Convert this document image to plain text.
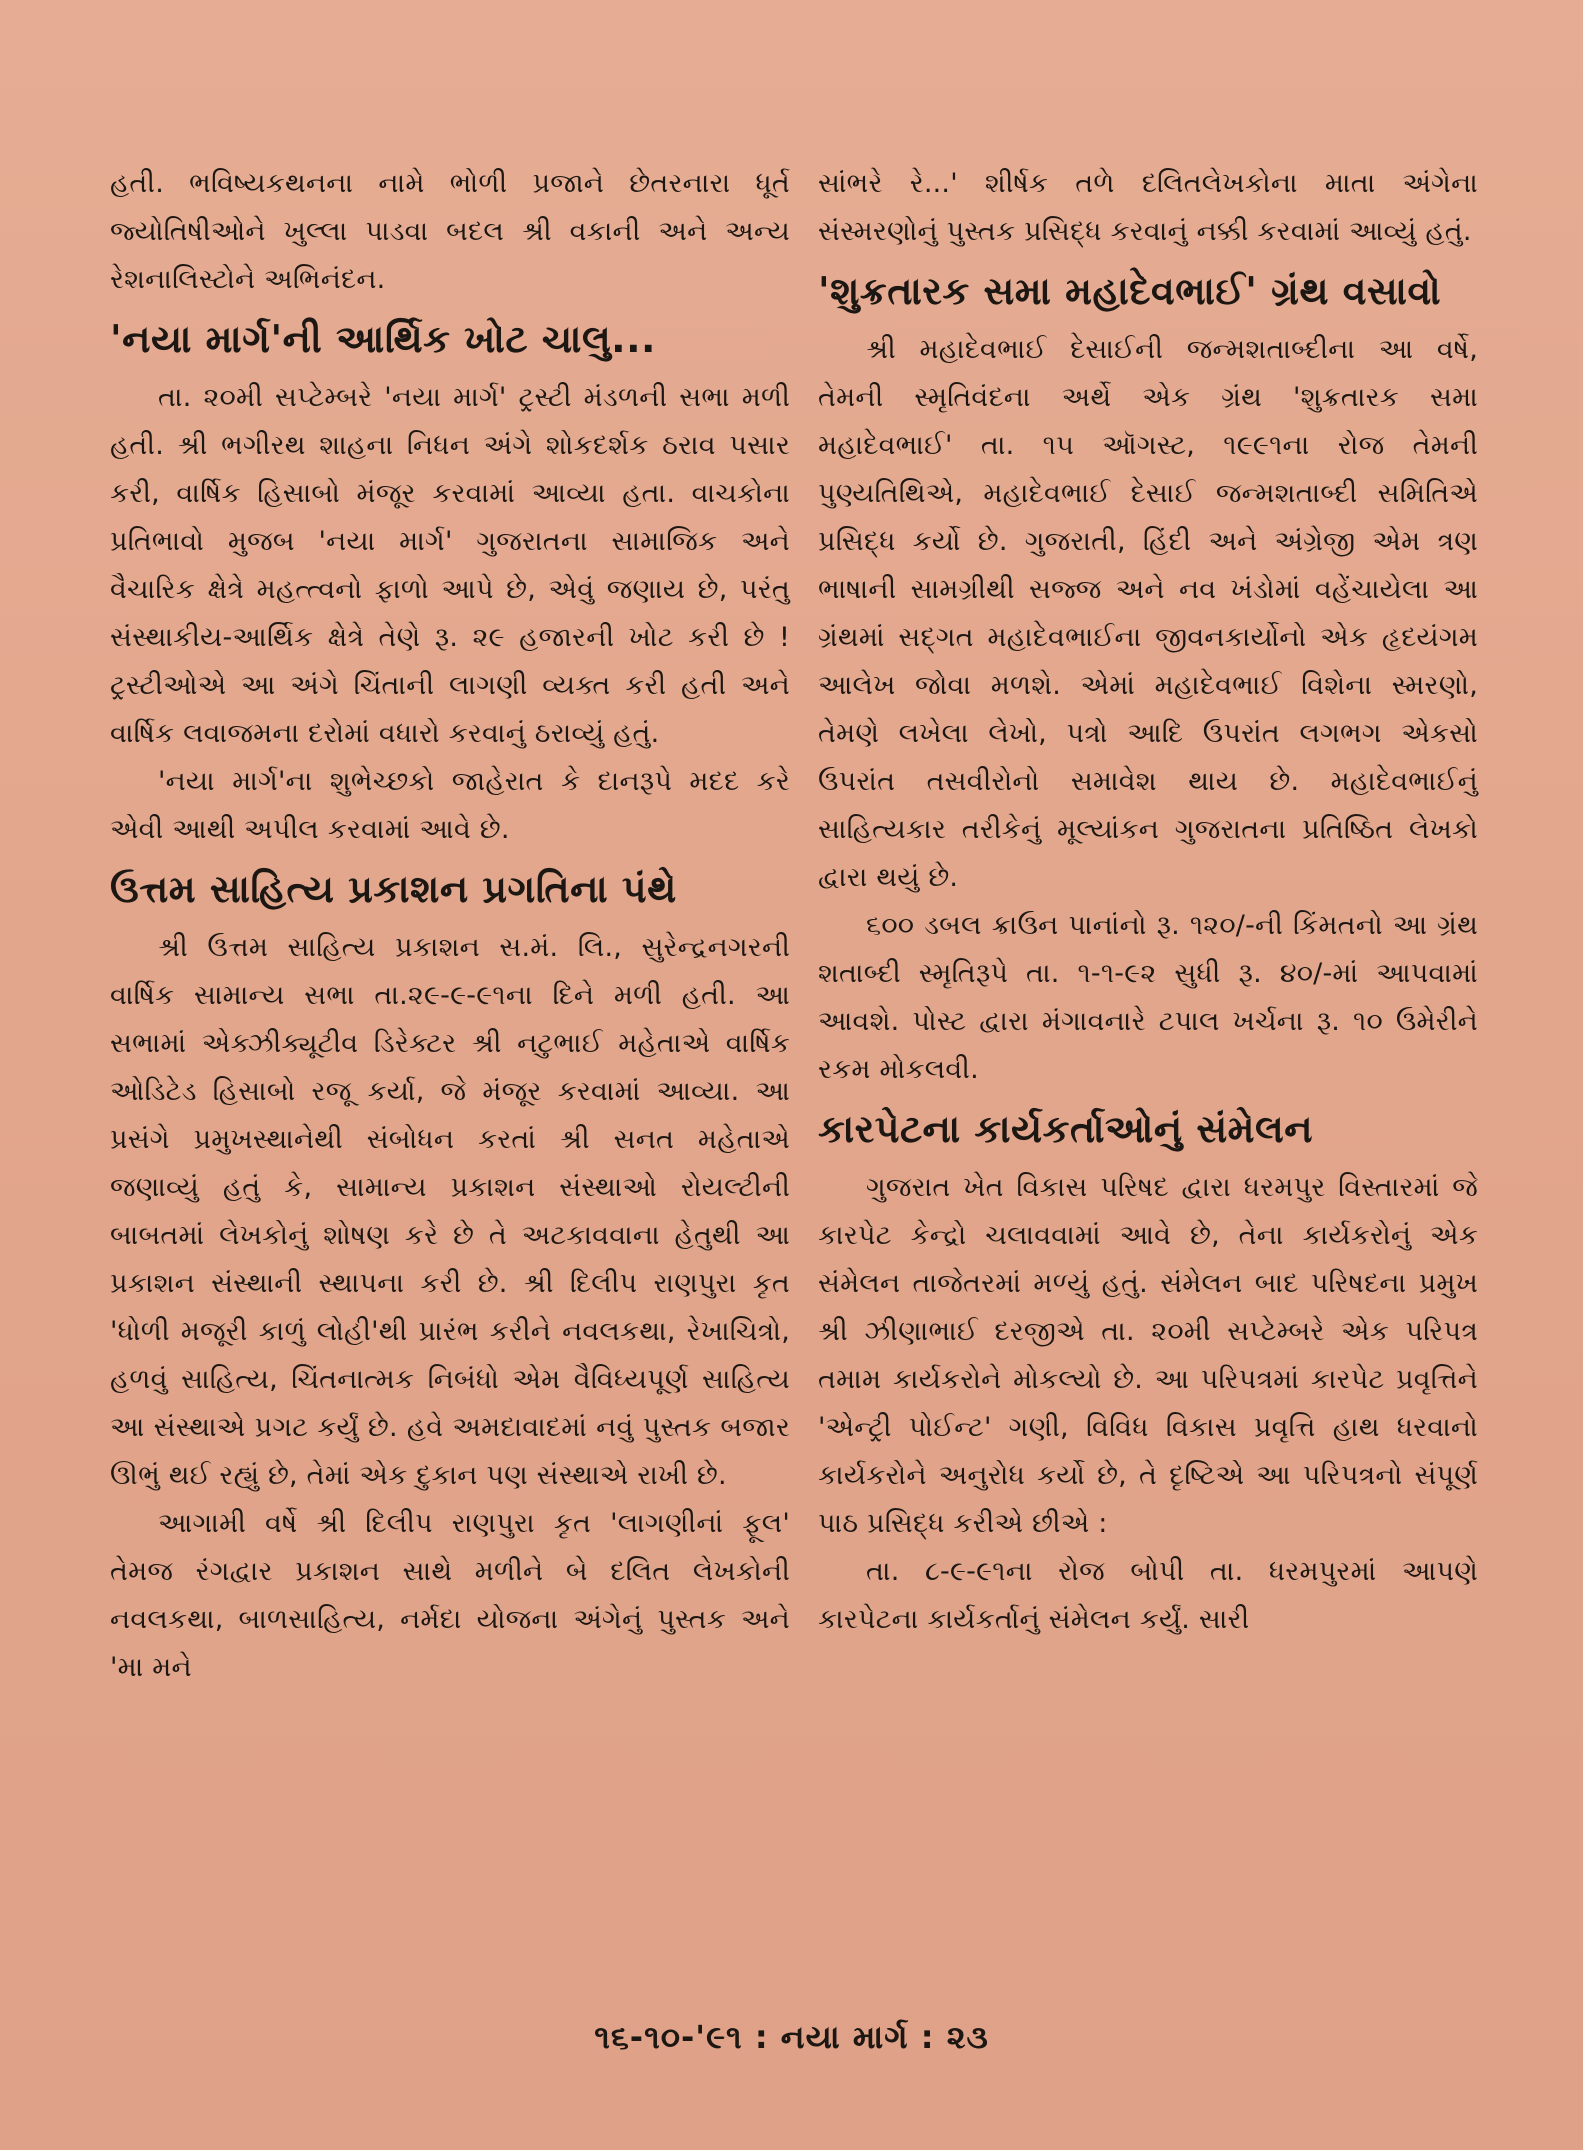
હતી. ભવિષ્યકથનના નામે ભોળી પ્રજાને છેતરનારા ધૂર્ત જ્યોતિષીઓને ખુલ્લા પાડવા બદલ શ્રી વકાની અને અન્ય રેશનાલિસ્ટોને અભિનંદન.

'નયા માર્ગ'ની આર્થિક ખોટ ચાલુ...

તા. ૨૦મી સપ્ટેમ્બરે 'નયા માર્ગ' ટ્રસ્ટી મંડળની સભા મળી હતી. શ્રી ભગીરથ શાહના નિધન અંગે શોકદર્શક ઠરાવ પસાર કરી, વાર્ષિક હિસાબો મંજૂર કરવામાં આવ્યા હતા. વાચકોના પ્રતિભાવો મુજબ 'નયા માર્ગ' ગુજરાતના સામાજિક અને વૈચારિક ક્ષેત્રે મહત્ત્વનો ફાળો આપે છે, એવું જણાય છે, પરંતુ સંસ્થાકીય-આર્થિક ક્ષેત્રે તેણે રૂ. ૨૯ હજારની ખોટ કરી છે ! ટ્રસ્ટીઓએ આ અંગે ચિંતાની લાગણી વ્યક્ત કરી હતી અને વાર્ષિક લવાજમના દરોમાં વધારો કરવાનું ઠરાવ્યું હતું.

'નયા માર્ગ'ના શુભેચ્છકો જાહેરાત કે દાનરૂપે મદદ કરે એવી આથી અપીલ કરવામાં આવે છે.

ઉત્તમ સાહિત્ય પ્રકાશન પ્રગતિના પંથે

શ્રી ઉત્તમ સાહિત્ય પ્રકાશન સ.મં. લિ., સુરેન્દ્રનગરની વાર્ષિક સામાન્ય સભા તા.૨૯-૯-૯૧ના દિને મળી હતી. આ સભામાં એક્ઝીક્યૂટીવ ડિરેક્ટર શ્રી નટુભાઈ મહેતાએ વાર્ષિક ઓડિટેડ હિસાબો રજૂ કર્યા, જે મંજૂર કરવામાં આવ્યા. આ પ્રસંગે પ્રમુખસ્થાનેથી સંબોધન કરતાં શ્રી સનત મહેતાએ જણાવ્યું હતું કે, સામાન્ય પ્રકાશન સંસ્થાઓ રોયલ્ટીની બાબતમાં લેખકોનું શોષણ કરે છે તે અટકાવવાના હેતુથી આ પ્રકાશન સંસ્થાની સ્થાપના કરી છે. શ્રી દિલીપ રાણપુરા કૃત 'ધોળી મજૂરી કાળું લોહી'થી પ્રારંભ કરીને નવલકથા, રેખાચિત્રો, હળવું સાહિત્ય, ચિંતનાત્મક નિબંધો એમ વૈવિધ્યપૂર્ણ સાહિત્ય આ સંસ્થાએ પ્રગટ કર્યું છે. હવે અમદાવાદમાં નવું પુસ્તક બજાર ઊભું થઈ રહ્યું છે, તેમાં એક દુકાન પણ સંસ્થાએ રાખી છે.

આગામી વર્ષે શ્રી દિલીપ રાણપુરા કૃત 'લાગણીનાં ફૂલ' તેમજ રંગદ્વાર પ્રકાશન સાથે મળીને બે દલિત લેખકોની નવલકથા, બાળસાહિત્ય, નર્મદા યોજના અંગેનું પુસ્તક અને 'મા મને

સાંભરે રે...' શીર્ષક તળે દલિતલેખકોના માતા અંગેના સંસ્મરણોનું પુસ્તક પ્રસિદ્ધ કરવાનું નક્કી કરવામાં આવ્યું હતું.

'શુક્રતારક સમા મહાદેવભાઈ' ગ્રંથ વસાવો

શ્રી મહાદેવભાઈ દેસાઈની જન્મશતાબ્દીના આ વર્ષે, તેમની સ્મૃતિવંદના અર્થે એક ગ્રંથ 'શુક્રતારક સમા મહાદેવભાઈ' તા. ૧૫ ઑગસ્ટ, ૧૯૯૧ના રોજ તેમની પુણ્યતિથિએ, મહાદેવભાઈ દેસાઈ જન્મશતાબ્દી સમિતિએ પ્રસિદ્ધ કર્યો છે. ગુજરાતી, હિંદી અને અંગ્રેજી એમ ત્રણ ભાષાની સામગ્રીથી સજ્જ અને નવ ખંડોમાં વહેંચાયેલા આ ગ્રંથમાં સદ્ગત મહાદેવભાઈના જીવનકાર્યોનો એક હૃદયંગમ આલેખ જોવા મળશે. એમાં મહાદેવભાઈ વિશેના સ્મરણો, તેમણે લખેલા લેખો, પત્રો આદિ ઉપરાંત લગભગ એકસો ઉપરાંત તસવીરોનો સમાવેશ થાય છે. મહાદેવભાઈનું સાહિત્યકાર તરીકેનું મૂલ્યાંકન ગુજરાતના પ્રતિષ્ઠિત લેખકો દ્વારા થયું છે.

૬૦૦ ડબલ ક્રાઉન પાનાંનો રૂ. ૧૨૦/-ની કિંમતનો આ ગ્રંથ શતાબ્દી સ્મૃતિરૂપે તા. ૧-૧-૯૨ સુધી રૂ. ૪૦/-માં આપવામાં આવશે. પોસ્ટ દ્વારા મંગાવનારે ટપાલ ખર્ચના રૂ. ૧૦ ઉમેરીને રકમ મોકલવી.

કારપેટના કાર્યકર્તાઓનું સંમેલન

ગુજરાત ખેત વિકાસ પરિષદ દ્વારા ધરમપુર વિસ્તારમાં જે કારપેટ કેન્દ્રો ચલાવવામાં આવે છે, તેના કાર્યકરોનું એક સંમેલન તાજેતરમાં મળ્યું હતું. સંમેલન બાદ પરિષદના પ્રમુખ શ્રી ઝીણાભાઈ દરજીએ તા. ૨૦મી સપ્ટેમ્બરે એક પરિપત્ર તમામ કાર્યકરોને મોકલ્યો છે. આ પરિપત્રમાં કારપેટ પ્રવૃત્તિને 'એન્ટ્રી પોઈન્ટ' ગણી, વિવિધ વિકાસ પ્રવૃત્તિ હાથ ધરવાનો કાર્યકરોને અનુરોધ કર્યો છે, તે દૃષ્ટિએ આ પરિપત્રનો સંપૂર્ણ પાઠ પ્રસિદ્ધ કરીએ છીએ :

તા. ૮-૯-૯૧ના રોજ બોપી તા. ધરમપુરમાં આપણે કારપેટના કાર્યકર્તાનું સંમેલન કર્યું. સારી

૧૬-૧૦-'૯૧ : નયા માર્ગ : ૨૩
